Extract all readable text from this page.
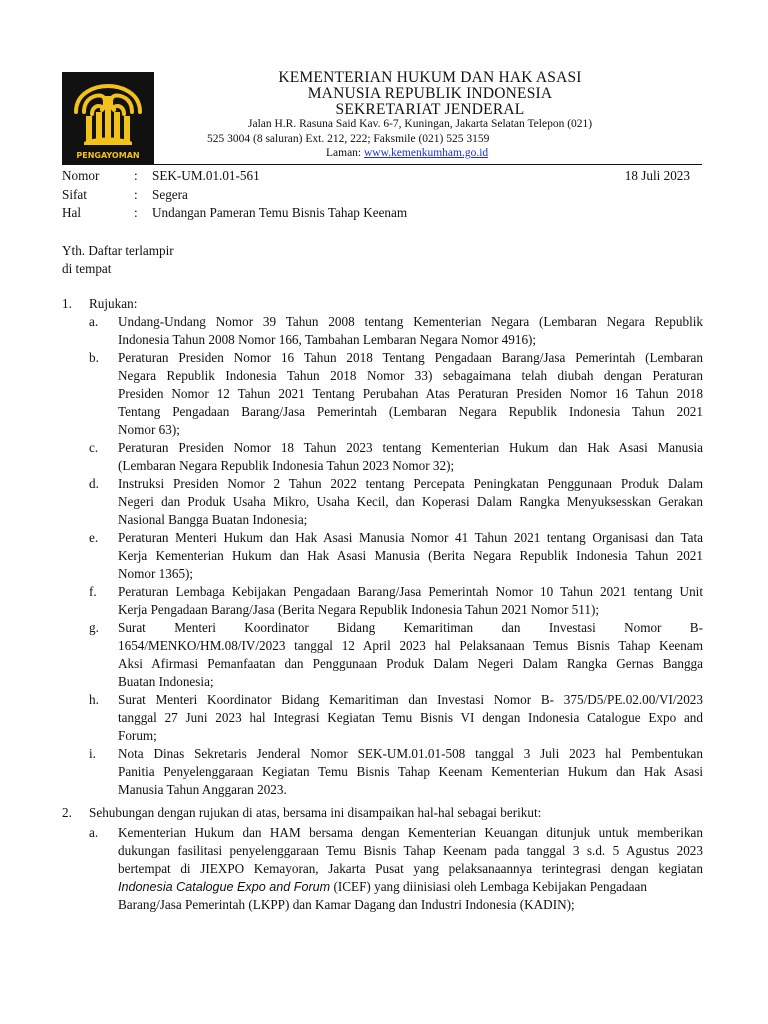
PENGAYOMAN
KEMENTERIAN HUKUM DAN HAK ASASI
MANUSIA REPUBLIK INDONESIA
SEKRETARIAT JENDERAL
Jalan H.R. Rasuna Said Kav. 6-7, Kuningan, Jakarta Selatan Telepon (021)
525 3004 (8 saluran) Ext. 212, 222; Faksmile (021) 525 3159
Laman: www.kemenkumham.go.id
Nomor	: SEK-UM.01.01-561	18 Juli 2023
Sifat	: Segera
Hal	: Undangan Pameran Temu Bisnis Tahap Keenam
Yth. Daftar terlampir
di tempat
1. Rujukan:
a. Undang-Undang Nomor 39 Tahun 2008 tentang Kementerian Negara (Lembaran Negara Republik
Indonesia Tahun 2008 Nomor 166, Tambahan Lembaran Negara Nomor 4916);
b. Peraturan Presiden Nomor 16 Tahun 2018 Tentang Pengadaan Barang/Jasa Pemerintah (Lembaran
Negara Republik Indonesia Tahun 2018 Nomor 33) sebagaimana telah diubah dengan Peraturan
Presiden Nomor 12 Tahun 2021 Tentang Perubahan Atas Peraturan Presiden Nomor 16 Tahun 2018
Tentang Pengadaan Barang/Jasa Pemerintah (Lembaran Negara Republik Indonesia Tahun 2021
Nomor 63);
c. Peraturan Presiden Nomor 18 Tahun 2023 tentang Kementerian Hukum dan Hak Asasi Manusia
(Lembaran Negara Republik Indonesia Tahun 2023 Nomor 32);
d. Instruksi Presiden Nomor 2 Tahun 2022 tentang Percepata Peningkatan Penggunaan Produk Dalam
Negeri dan Produk Usaha Mikro, Usaha Kecil, dan Koperasi Dalam Rangka Menyuksesskan Gerakan
Nasional Bangga Buatan Indonesia;
e. Peraturan Menteri Hukum dan Hak Asasi Manusia Nomor 41 Tahun 2021 tentang Organisasi dan Tata
Kerja Kementerian Hukum dan Hak Asasi Manusia (Berita Negara Republik Indonesia Tahun 2021
Nomor 1365);
f. Peraturan Lembaga Kebijakan Pengadaan Barang/Jasa Pemerintah Nomor 10 Tahun 2021 tentang Unit
Kerja Pengadaan Barang/Jasa (Berita Negara Republik Indonesia Tahun 2021 Nomor 511);
g. Surat Menteri Koordinator Bidang Kemaritiman dan Investasi Nomor B-
1654/MENKO/HM.08/IV/2023 tanggal 12 April 2023 hal Pelaksanaan Temus Bisnis Tahap Keenam
Aksi Afirmasi Pemanfaatan dan Penggunaan Produk Dalam Negeri Dalam Rangka Gernas Bangga
Buatan Indonesia;
h. Surat Menteri Koordinator Bidang Kemaritiman dan Investasi Nomor B- 375/D5/PE.02.00/VI/2023
tanggal 27 Juni 2023 hal Integrasi Kegiatan Temu Bisnis VI dengan Indonesia Catalogue Expo and
Forum;
i. Nota Dinas Sekretaris Jenderal Nomor SEK-UM.01.01-508 tanggal 3 Juli 2023 hal Pembentukan
Panitia Penyelenggaraan Kegiatan Temu Bisnis Tahap Keenam Kementerian Hukum dan Hak Asasi
Manusia Tahun Anggaran 2023.
2. Sehubungan dengan rujukan di atas, bersama ini disampaikan hal-hal sebagai berikut:
a. Kementerian Hukum dan HAM bersama dengan Kementerian Keuangan ditunjuk untuk memberikan
dukungan fasilitasi penyelenggaraan Temu Bisnis Tahap Keenam pada tanggal 3 s.d. 5 Agustus 2023
bertempat di JIEXPO Kemayoran, Jakarta Pusat yang pelaksanaannya terintegrasi dengan kegiatan
Indonesia Catalogue Expo and Forum (ICEF) yang diinisiasi oleh Lembaga Kebijakan Pengadaan
Barang/Jasa Pemerintah (LKPP) dan Kamar Dagang dan Industri Indonesia (KADIN);
